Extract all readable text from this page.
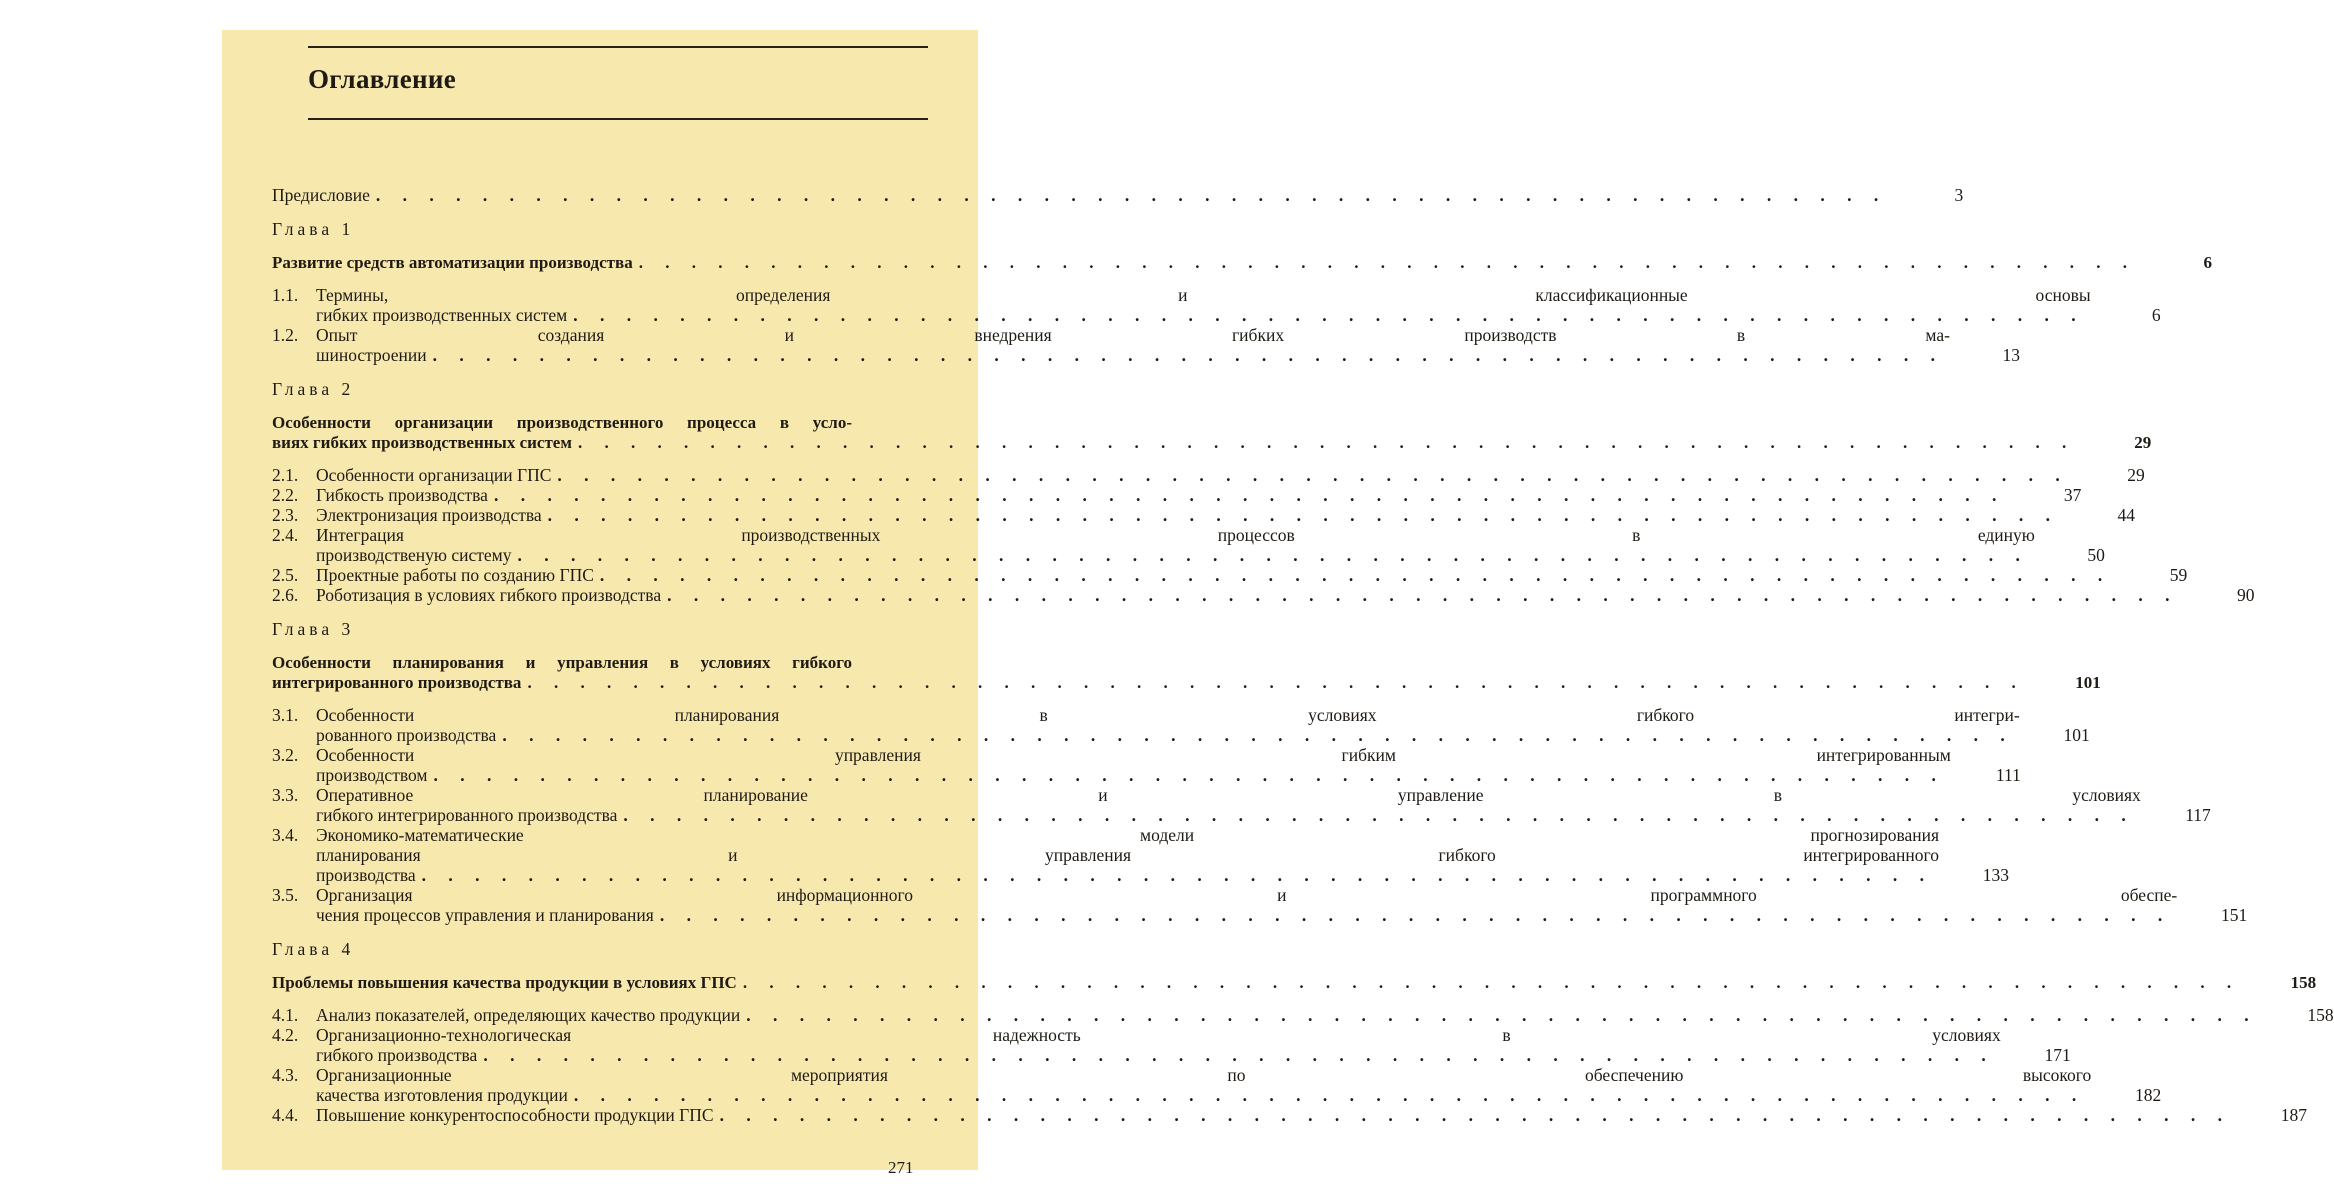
Оглавление
Предисловие . . .	3
Глава 1
Развитие средств автоматизации производства . . .	6
1.1.	Термины, определения и классификационные основы
гибких производственных систем . . .	6
1.2.	Опыт создания и внедрения гибких производств в ма-
шиностроении . . .	13
Глава 2
Особенности организации производственного процесса в усло-
виях гибких производственных систем . . .	29
2.1.	Особенности организации ГПС . . .	29
2.2.	Гибкость производства . . .	37
2.3.	Электронизация производства . . .	44
2.4.	Интеграция производственных процессов в единую
производственую систему . . .	50
2.5.	Проектные работы по созданию ГПС . . .	59
2.6.	Роботизация в условиях гибкого производства . . .	90
Глава 3
Особенности планирования и управления в условиях гибкого
интегрированного производства . . .	101
3.1.	Особенности планирования в условиях гибкого интегри-
рованного производства . . .	101
3.2.	Особенности управления гибким интегрированным
производством . . .	111
3.3.	Оперативное планирование и управление в условиях
гибкого интегрированного производства . . .	117
3.4.	Экономико-математические модели прогнозирования
планирования и управления гибкого интегрированного
производства . . .	133
3.5.	Организация информационного и программного обеспе-
чения процессов управления и планирования . . .	151
Глава 4
Проблемы повышения качества продукции в условиях ГПС . . .	158
4.1.	Анализ показателей, определяющих качество продукции . . .	158
4.2.	Организационно-технологическая надежность в условиях
гибкого производства . . .	171
4.3.	Организационные мероприятия по обеспечению высокого
качества изготовления продукции . . .	182
4.4.	Повышение конкурентоспособности продукции ГПС . . .	187
271
